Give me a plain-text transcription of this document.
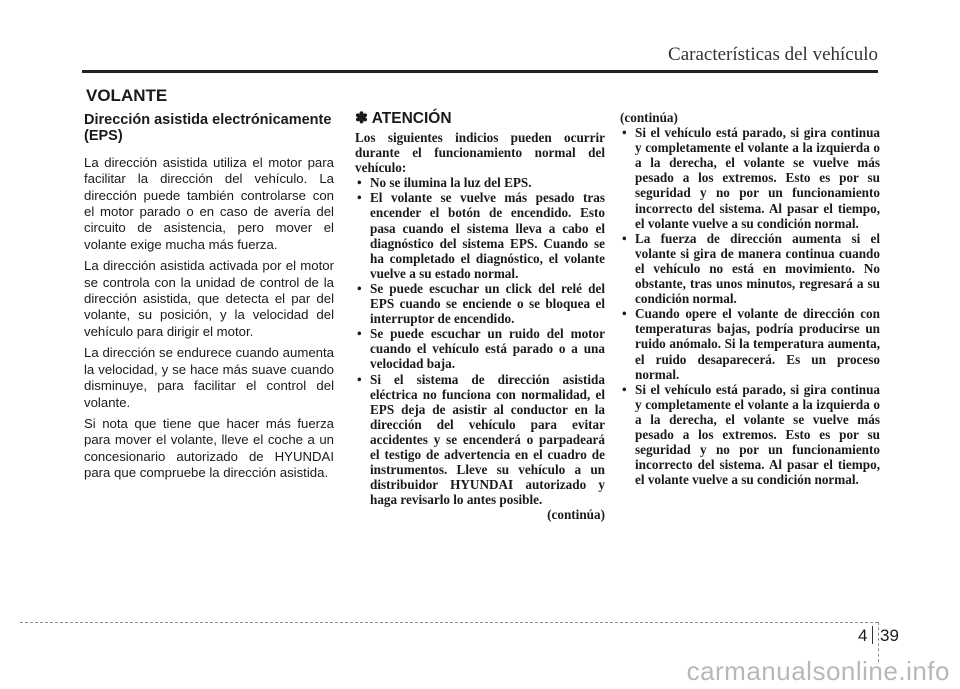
Características del vehículo
VOLANTE
Dirección asistida electrónicamente (EPS)

La dirección asistida utiliza el motor para facilitar la dirección del vehículo. La dirección puede también controlarse con el motor parado o en caso de avería del circuito de asistencia, pero mover el volante exige mucha más fuerza.

La dirección asistida activada por el motor se controla con la unidad de control de la dirección asistida, que detecta el par del volante, su posición, y la velocidad del vehículo para dirigir el motor.

La dirección se endurece cuando aumenta la velocidad, y se hace más suave cuando disminuye, para facilitar el control del volante.

Si nota que tiene que hacer más fuerza para mover el volante, lleve el coche a un concesionario autorizado de HYUNDAI para que compruebe la dirección asistida.

✽ ATENCIÓN

Los siguientes indicios pueden ocurrir durante el funcionamiento normal del vehículo:

• No se ilumina la luz del EPS.
• El volante se vuelve más pesado tras encender el botón de encendido. Esto pasa cuando el sistema lleva a cabo el diagnóstico del sistema EPS. Cuando se ha completado el diagnóstico, el volante vuelve a su estado normal.
• Se puede escuchar un click del relé del EPS cuando se enciende o se bloquea el interruptor de encendido.
• Se puede escuchar un ruido del motor cuando el vehículo está parado o a una velocidad baja.
• Si el sistema de dirección asistida eléctrica no funciona con normalidad, el EPS deja de asistir al conductor en la dirección del vehículo para evitar accidentes y se encenderá o parpadeará el testigo de advertencia en el cuadro de instrumentos. Lleve su vehículo a un distribuidor HYUNDAI autorizado y haga revisarlo lo antes posible.
(continúa)

(continúa)

• Si el vehículo está parado, si gira continua y completamente el volante a la izquierda o a la derecha, el volante se vuelve más pesado a los extremos. Esto es por su seguridad y no por un funcionamiento incorrecto del sistema. Al pasar el tiempo, el volante vuelve a su condición normal.
• La fuerza de dirección aumenta si el volante si gira de manera continua cuando el vehículo no está en movimiento. No obstante, tras unos minutos, regresará a su condición normal.
• Cuando opere el volante de dirección con temperaturas bajas, podría producirse un ruido anómalo. Si la temperatura aumenta, el ruido desaparecerá. Es un proceso normal.
• Si el vehículo está parado, si gira continua y completamente el volante a la izquierda o a la derecha, el volante se vuelve más pesado a los extremos. Esto es por su seguridad y no por un funcionamiento incorrecto del sistema. Al pasar el tiempo, el volante vuelve a su condición normal.
4 39
carmanualsonline.info
